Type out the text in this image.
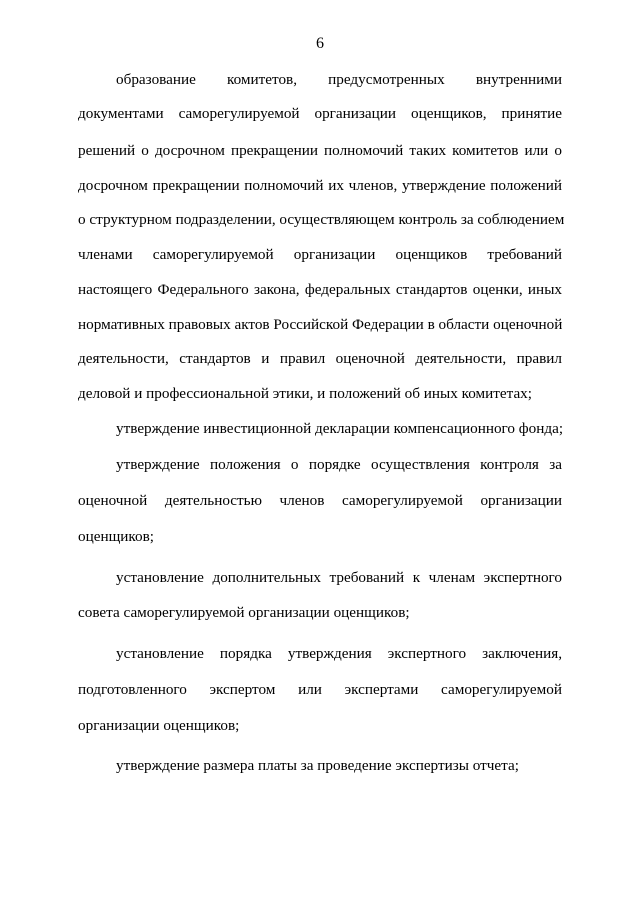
6
образование комитетов, предусмотренных внутренними
документами саморегулируемой организации оценщиков, принятие
решений о досрочном прекращении полномочий таких комитетов или о
досрочном прекращении полномочий их членов, утверждение положений
о структурном подразделении, осуществляющем контроль за соблюдением
членами саморегулируемой организации оценщиков требований
настоящего Федерального закона, федеральных стандартов оценки, иных
нормативных правовых актов Российской Федерации в области оценочной
деятельности, стандартов и правил оценочной деятельности, правил
деловой и профессиональной этики, и положений об иных комитетах;
утверждение инвестиционной декларации компенсационного фонда;
утверждение положения о порядке осуществления контроля за
оценочной деятельностью членов саморегулируемой организации
оценщиков;
установление дополнительных требований к членам экспертного
совета саморегулируемой организации оценщиков;
установление порядка утверждения экспертного заключения,
подготовленного экспертом или экспертами саморегулируемой
организации оценщиков;
утверждение размера платы за проведение экспертизы отчета;
